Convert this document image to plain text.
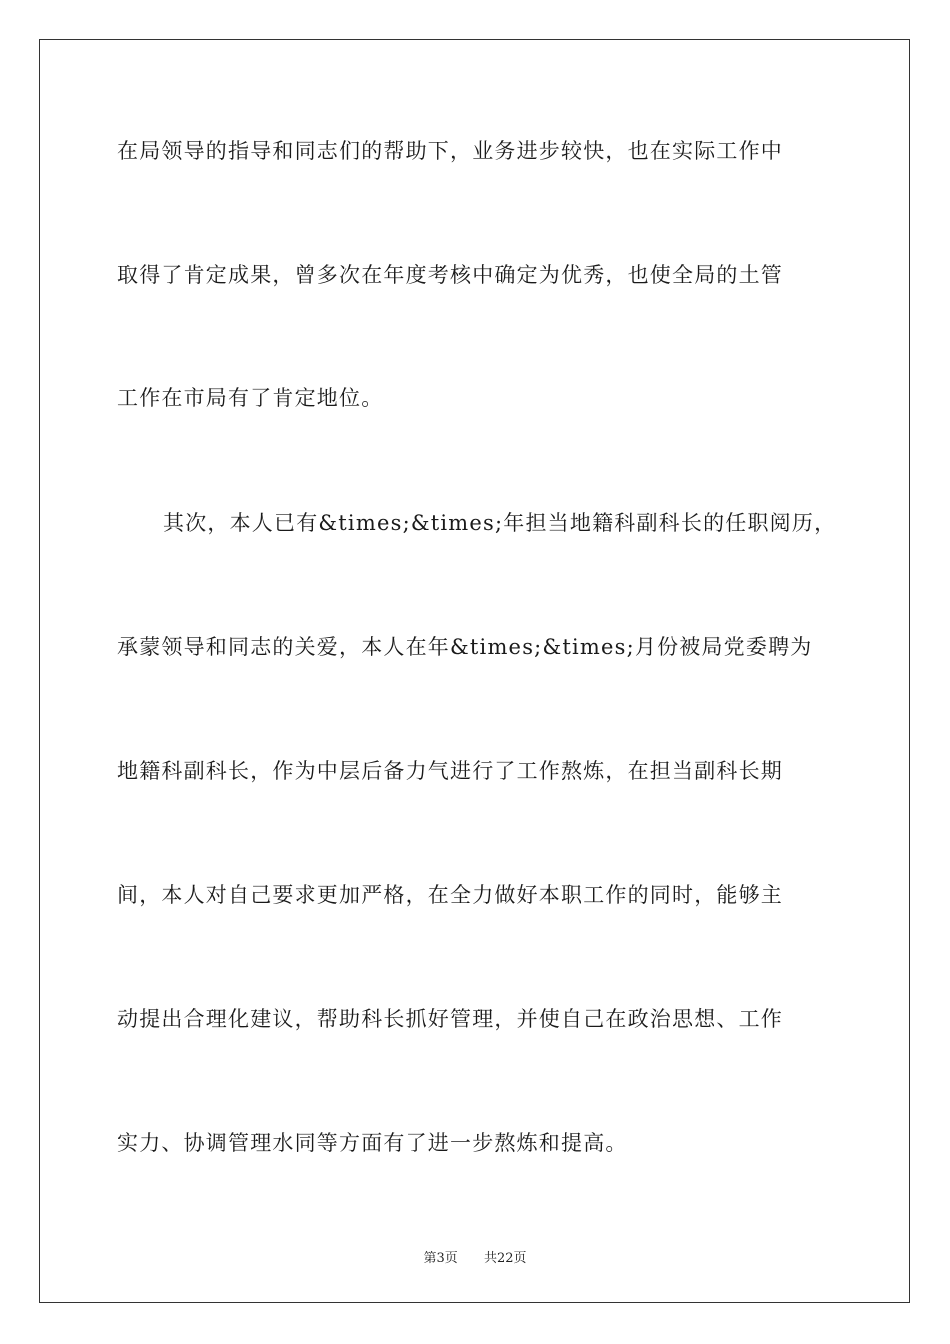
在局领导的指导和同志们的帮助下，业务进步较快，也在实际工作中
取得了肯定成果，曾多次在年度考核中确定为优秀，也使全局的土管
工作在市局有了肯定地位。
其次，本人已有&times;&times;年担当地籍科副科长的任职阅历，
承蒙领导和同志的关爱，本人在年&times;&times;月份被局党委聘为
地籍科副科长，作为中层后备力气进行了工作熬炼，在担当副科长期
间，本人对自己要求更加严格，在全力做好本职工作的同时，能够主
动提出合理化建议，帮助科长抓好管理，并使自己在政治思想、工作
实力、协调管理水同等方面有了进一步熬炼和提高。
第3页 共22页
